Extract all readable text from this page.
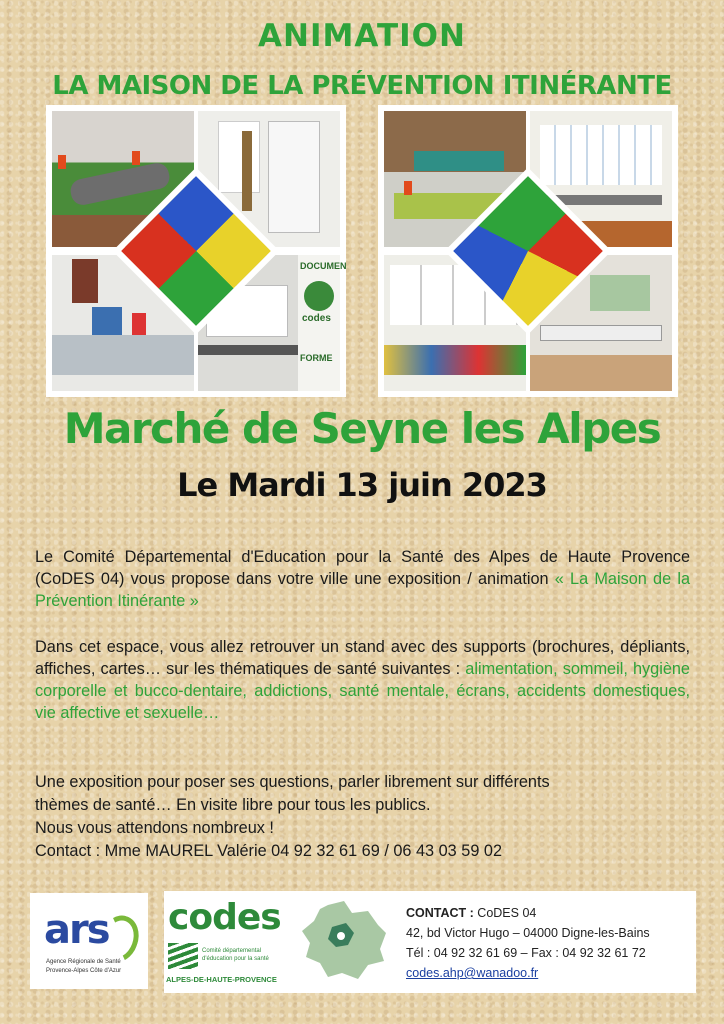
ANIMATION
LA MAISON DE LA PRÉVENTION ITINÉRANTE
DOCUMEN
codes
FORME
Marché de Seyne les Alpes
Le Mardi 13 juin 2023
Le Comité Départemental d'Education pour la Santé des Alpes de Haute Provence (CoDES 04) vous propose dans votre ville une exposition / animation « La Maison de la Prévention Itinérante »
Dans cet espace, vous allez retrouver un stand avec des supports (brochures, dépliants, affiches, cartes… sur les thématiques de santé suivantes : alimentation, sommeil, hygiène corporelle et bucco-dentaire, addictions, santé mentale, écrans, accidents domestiques, vie affective et sexuelle…
Une exposition pour poser ses questions, parler librement sur différents
thèmes de santé… En visite libre pour tous les publics.
Nous vous attendons nombreux !
Contact : Mme MAUREL Valérie 04 92 32 61 69 / 06 43 03 59 02
ars
Agence Régionale de Santé
Provence-Alpes Côte d'Azur
codes
Comité départemental d'éducation pour la santé
ALPES-DE-HAUTE-PROVENCE
CONTACT : CoDES 04
42, bd Victor Hugo – 04000 Digne-les-Bains
Tél : 04 92 32 61 69 – Fax : 04 92 32 61 72
codes.ahp@wanadoo.fr
